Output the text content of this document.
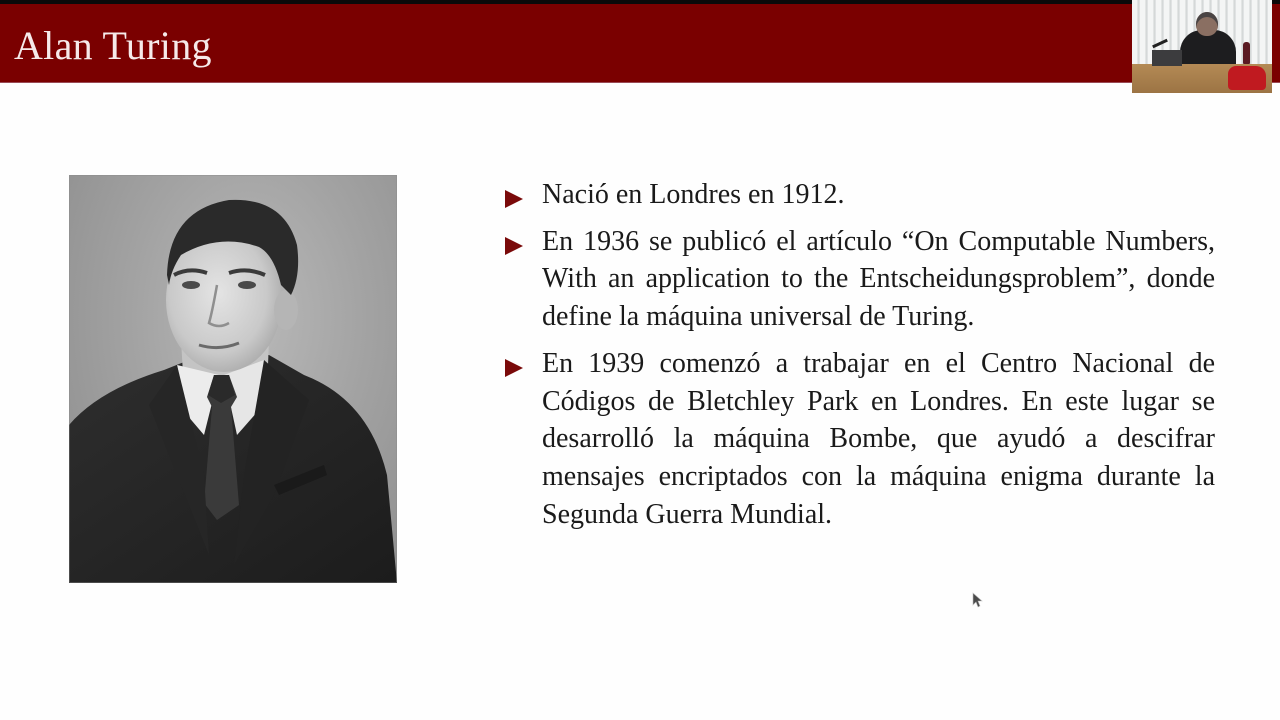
Alan Turing
Nació en Londres en 1912.
En 1936 se publicó el artículo “On Computable Numbers, With an application to the Entscheidungsproblem”, donde define la máquina universal de Turing.
En 1939 comenzó a trabajar en el Centro Nacional de Códigos de Bletchley Park en Londres. En este lugar se desarrolló la máquina Bombe, que ayudó a descifrar mensajes encriptados con la máquina enigma durante la Segunda Guerra Mundial.
